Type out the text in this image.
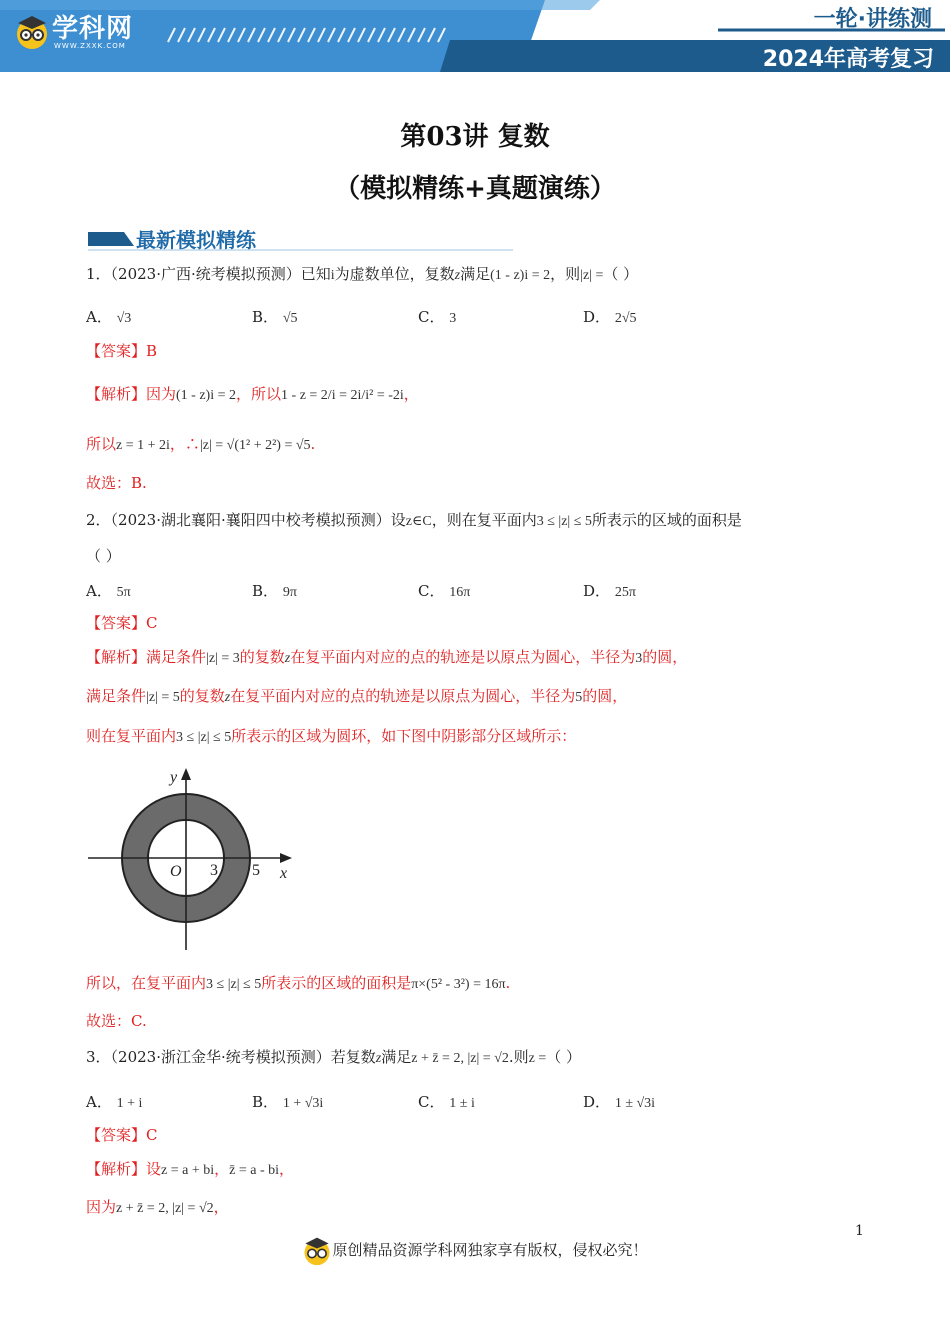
学科网
WWW.ZXXK.COM
一轮·讲练测
2024年高考复习
第03讲 复数
（模拟精练+真题演练）
最新模拟精练
1．（2023·广西·统考模拟预测）已知i为虚数单位，复数z满足(1 - z)i = 2，则|z| =（ ）
A． √3	B． √5	C． 3	D． 2√5
【答案】B
【解析】因为(1 - z)i = 2，所以1 - z = 2/i = 2i/i² = -2i，
所以z = 1 + 2i，∴|z| = √(1² + 2²) = √5.
故选：B.
2．（2023·湖北襄阳·襄阳四中校考模拟预测）设z∈C，则在复平面内3 ≤ |z| ≤ 5所表示的区域的面积是
（ ）
A． 5π	B． 9π	C． 16π	D． 25π
【答案】C
【解析】满足条件|z| = 3的复数z在复平面内对应的点的轨迹是以原点为圆心，半径为3的圆，
满足条件|z| = 5的复数z在复平面内对应的点的轨迹是以原点为圆心，半径为5的圆，
则在复平面内3 ≤ |z| ≤ 5所表示的区域为圆环，如下图中阴影部分区域所示：
y
x
O 3 5
所以，在复平面内3 ≤ |z| ≤ 5所表示的区域的面积是π×(5² - 3²) = 16π.
故选：C.
3．（2023·浙江金华·统考模拟预测）若复数z满足z + z̄ = 2, |z| = √2.则z =（ ）
A． 1 + i	B． 1 + √3i	C． 1 ± i	D． 1 ± √3i
【答案】C
【解析】设z = a + bi，z̄ = a - bi，
因为z + z̄ = 2, |z| = √2，
原创精品资源学科网独家享有版权，侵权必究！
1
